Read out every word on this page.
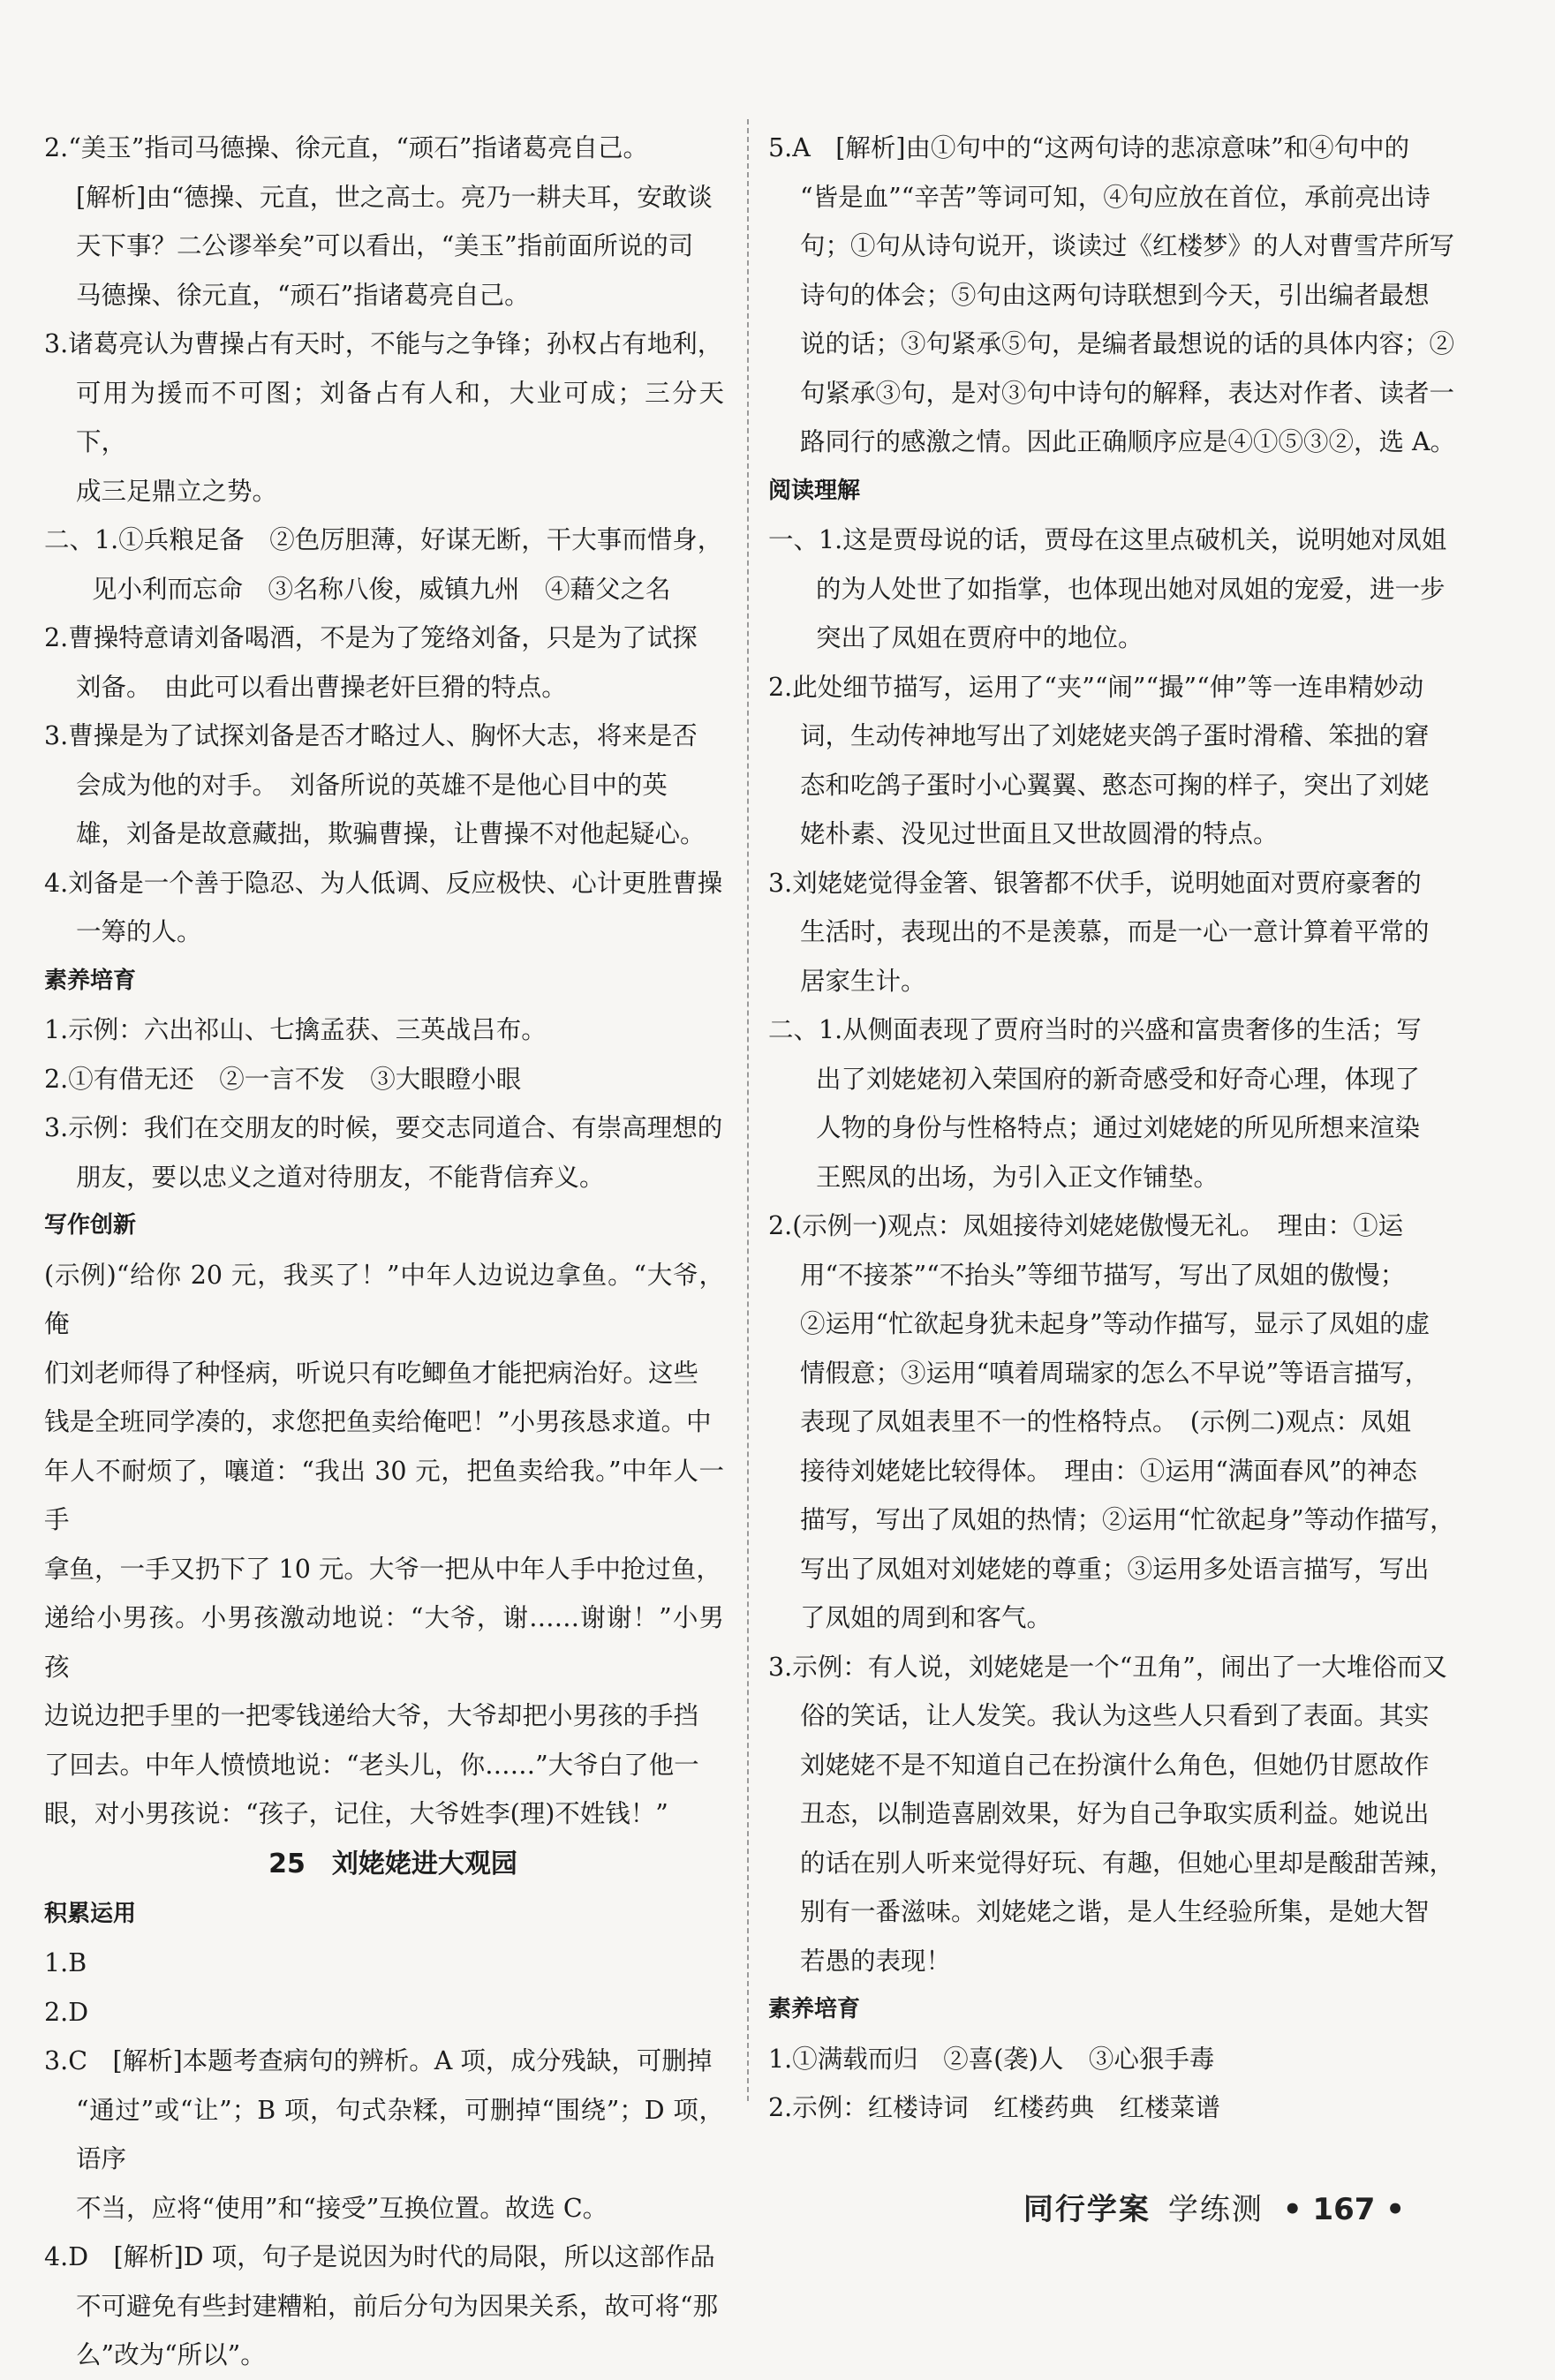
2.“美玉”指司马德操、徐元直，“顽石”指诸葛亮自己。

[解析]由“德操、元直，世之高士。亮乃一耕夫耳，安敢谈

天下事？二公谬举矣”可以看出，“美玉”指前面所说的司

马德操、徐元直，“顽石”指诸葛亮自己。

3.诸葛亮认为曹操占有天时，不能与之争锋；孙权占有地利，

可用为援而不可图；刘备占有人和，大业可成；三分天下，

成三足鼎立之势。

二、1.①兵粮足备　②色厉胆薄，好谋无断，干大事而惜身，

见小利而忘命　③名称八俊，威镇九州　④藉父之名

2.曹操特意请刘备喝酒，不是为了笼络刘备，只是为了试探

刘备。　由此可以看出曹操老奸巨猾的特点。

3.曹操是为了试探刘备是否才略过人、胸怀大志，将来是否

会成为他的对手。　刘备所说的英雄不是他心目中的英

雄，刘备是故意藏拙，欺骗曹操，让曹操不对他起疑心。

4.刘备是一个善于隐忍、为人低调、反应极快、心计更胜曹操

一筹的人。

素养培育

1.示例：六出祁山、七擒孟获、三英战吕布。

2.①有借无还　②一言不发　③大眼瞪小眼

3.示例：我们在交朋友的时候，要交志同道合、有崇高理想的

朋友，要以忠义之道对待朋友，不能背信弃义。

写作创新

(示例)“给你 20 元，我买了！”中年人边说边拿鱼。“大爷，俺

们刘老师得了种怪病，听说只有吃鲫鱼才能把病治好。这些

钱是全班同学凑的，求您把鱼卖给俺吧！”小男孩恳求道。中

年人不耐烦了，嚷道：“我出 30 元，把鱼卖给我。”中年人一手

拿鱼，一手又扔下了 10 元。大爷一把从中年人手中抢过鱼，

递给小男孩。小男孩激动地说：“大爷，谢……谢谢！”小男孩

边说边把手里的一把零钱递给大爷，大爷却把小男孩的手挡

了回去。中年人愤愤地说：“老头儿，你……”大爷白了他一

眼，对小男孩说：“孩子，记住，大爷姓李(理)不姓钱！”

25　刘姥姥进大观园

积累运用

1.B

2.D

3.C　[解析]本题考查病句的辨析。A 项，成分残缺，可删掉

“通过”或“让”；B 项，句式杂糅，可删掉“围绕”；D 项，语序

不当，应将“使用”和“接受”互换位置。故选 C。

4.D　[解析]D 项，句子是说因为时代的局限，所以这部作品

不可避免有些封建糟粕，前后分句为因果关系，故可将“那

么”改为“所以”。

5.A　[解析]由①句中的“这两句诗的悲凉意味”和④句中的

“皆是血”“辛苦”等词可知，④句应放在首位，承前亮出诗

句；①句从诗句说开，谈读过《红楼梦》的人对曹雪芹所写

诗句的体会；⑤句由这两句诗联想到今天，引出编者最想

说的话；③句紧承⑤句，是编者最想说的话的具体内容；②

句紧承③句，是对③句中诗句的解释，表达对作者、读者一

路同行的感激之情。因此正确顺序应是④①⑤③②，选 A。

阅读理解

一、1.这是贾母说的话，贾母在这里点破机关，说明她对凤姐

的为人处世了如指掌，也体现出她对凤姐的宠爱，进一步

突出了凤姐在贾府中的地位。

2.此处细节描写，运用了“夹”“闹”“撮”“伸”等一连串精妙动

词，生动传神地写出了刘姥姥夹鸽子蛋时滑稽、笨拙的窘

态和吃鸽子蛋时小心翼翼、憨态可掬的样子，突出了刘姥

姥朴素、没见过世面且又世故圆滑的特点。

3.刘姥姥觉得金箸、银箸都不伏手，说明她面对贾府豪奢的

生活时，表现出的不是羡慕，而是一心一意计算着平常的

居家生计。

二、1.从侧面表现了贾府当时的兴盛和富贵奢侈的生活；写

出了刘姥姥初入荣国府的新奇感受和好奇心理，体现了

人物的身份与性格特点；通过刘姥姥的所见所想来渲染

王熙凤的出场，为引入正文作铺垫。

2.(示例一)观点：凤姐接待刘姥姥傲慢无礼。　理由：①运

用“不接茶”“不抬头”等细节描写，写出了凤姐的傲慢；

②运用“忙欲起身犹未起身”等动作描写，显示了凤姐的虚

情假意；③运用“嗔着周瑞家的怎么不早说”等语言描写，

表现了凤姐表里不一的性格特点。　(示例二)观点：凤姐

接待刘姥姥比较得体。　理由：①运用“满面春风”的神态

描写，写出了凤姐的热情；②运用“忙欲起身”等动作描写，

写出了凤姐对刘姥姥的尊重；③运用多处语言描写，写出

了凤姐的周到和客气。

3.示例：有人说，刘姥姥是一个“丑角”，闹出了一大堆俗而又

俗的笑话，让人发笑。我认为这些人只看到了表面。其实

刘姥姥不是不知道自己在扮演什么角色，但她仍甘愿故作

丑态，以制造喜剧效果，好为自己争取实质利益。她说出

的话在别人听来觉得好玩、有趣，但她心里却是酸甜苦辣，

别有一番滋味。刘姥姥之谐，是人生经验所集，是她大智

若愚的表现！

素养培育

1.①满载而归　②喜(袭)人　③心狠手毒

2.示例：红楼诗词　红楼药典　红楼菜谱

同行学案 学练测 • 167 •
